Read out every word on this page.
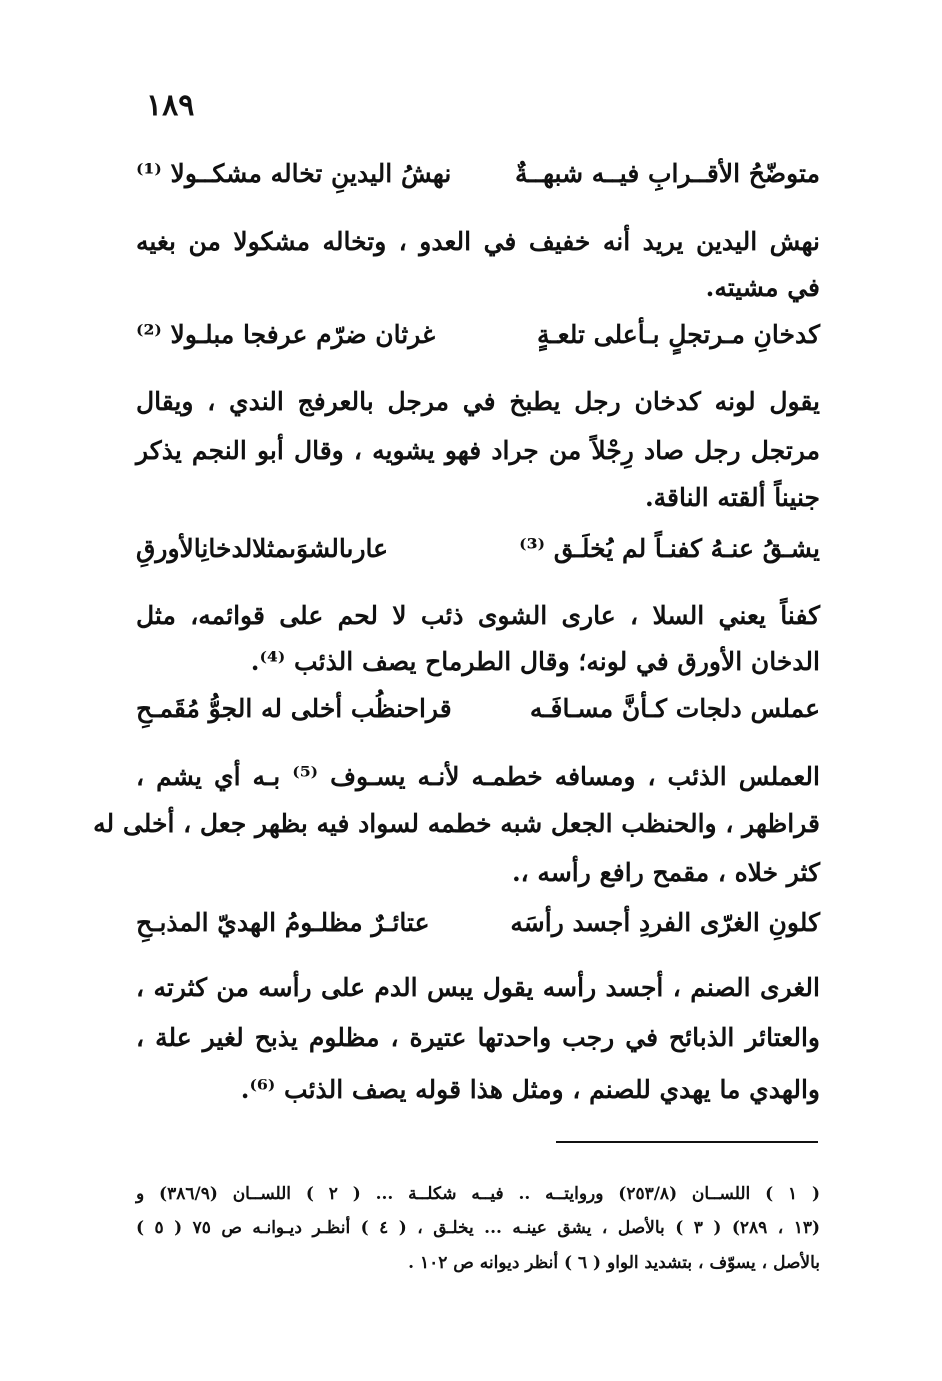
١٨٩
متوضّحُ الأقــرابِ فيــه شبهــةٌ
نهشُ اليدينِ تخاله مشكــولا ⁽¹⁾
نهش اليدين يريد أنه خفيف في العدو ، وتخاله مشكولا من بغيه
في مشيته.
كدخانِ مـرتجلٍ بـأعلى تلعـةٍ
غرثان ضرّم عرفجا مبلـولا ⁽²⁾
يقول لونه كدخان رجل يطبخ في مرجل بالعرفج الندي ، ويقال
مرتجل رجل صاد رِجْلاً من جراد فهو يشويه ، وقال أبو النجم يذكر
جنيناً ألقته الناقة.
يشـقُ عنـهُ كفنـاً لم يُخلَـق ⁽³⁾
عارىالشوَىمثلالدخانِالأورقِ
كفناً يعني السلا ، عارى الشوى ذئب لا لحم على قوائمه، مثل
الدخان الأورق في لونه؛ وقال الطرماح يصف الذئب ⁽⁴⁾.
عملس دلجات كـأنَّ مسـافَـه
قراحنظُب أخلى له الجوُّ مُقَمـحِ
العملس الذئب ، ومسافه خطمـه لأنـه يسـوف ⁽⁵⁾ بـه أي يشم ،
قراظهر ، والحنظب الجعل شبه خطمه لسواد فيه بظهر جعل ، أخلى له
كثر خلاه ، مقمح رافع رأسه ،.
كلونِ الغرّى الفردِ أجسد رأسَه
عتائـرٌ مظلـومُ الهديّ المذبـحِ
الغرى الصنم ، أجسد رأسه يقول يبس الدم على رأسه من كثرته ،
والعتائر الذبائح في رجب واحدتها عتيرة ، مظلوم يذبح لغير علة ،
والهدي ما يهدي للصنم ، ومثل هذا قوله يصف الذئب ⁽⁶⁾.
( ١ ) اللســان (٢٥٣/٨) وروايتــه .. فيــه شكلــة ... ( ٢ ) اللســان (٣٨٦/٩) و
(١٣ ، ٢٨٩) ( ٣ ) بالأصل ، يشق عينـه ... يخلـق ، ( ٤ ) أنظـر ديـوانـه ص ٧٥ ( ٥ )
بالأصل ، يسوّف ، بتشديد الواو ( ٦ ) أنظر ديوانه ص ١٠٢ .
